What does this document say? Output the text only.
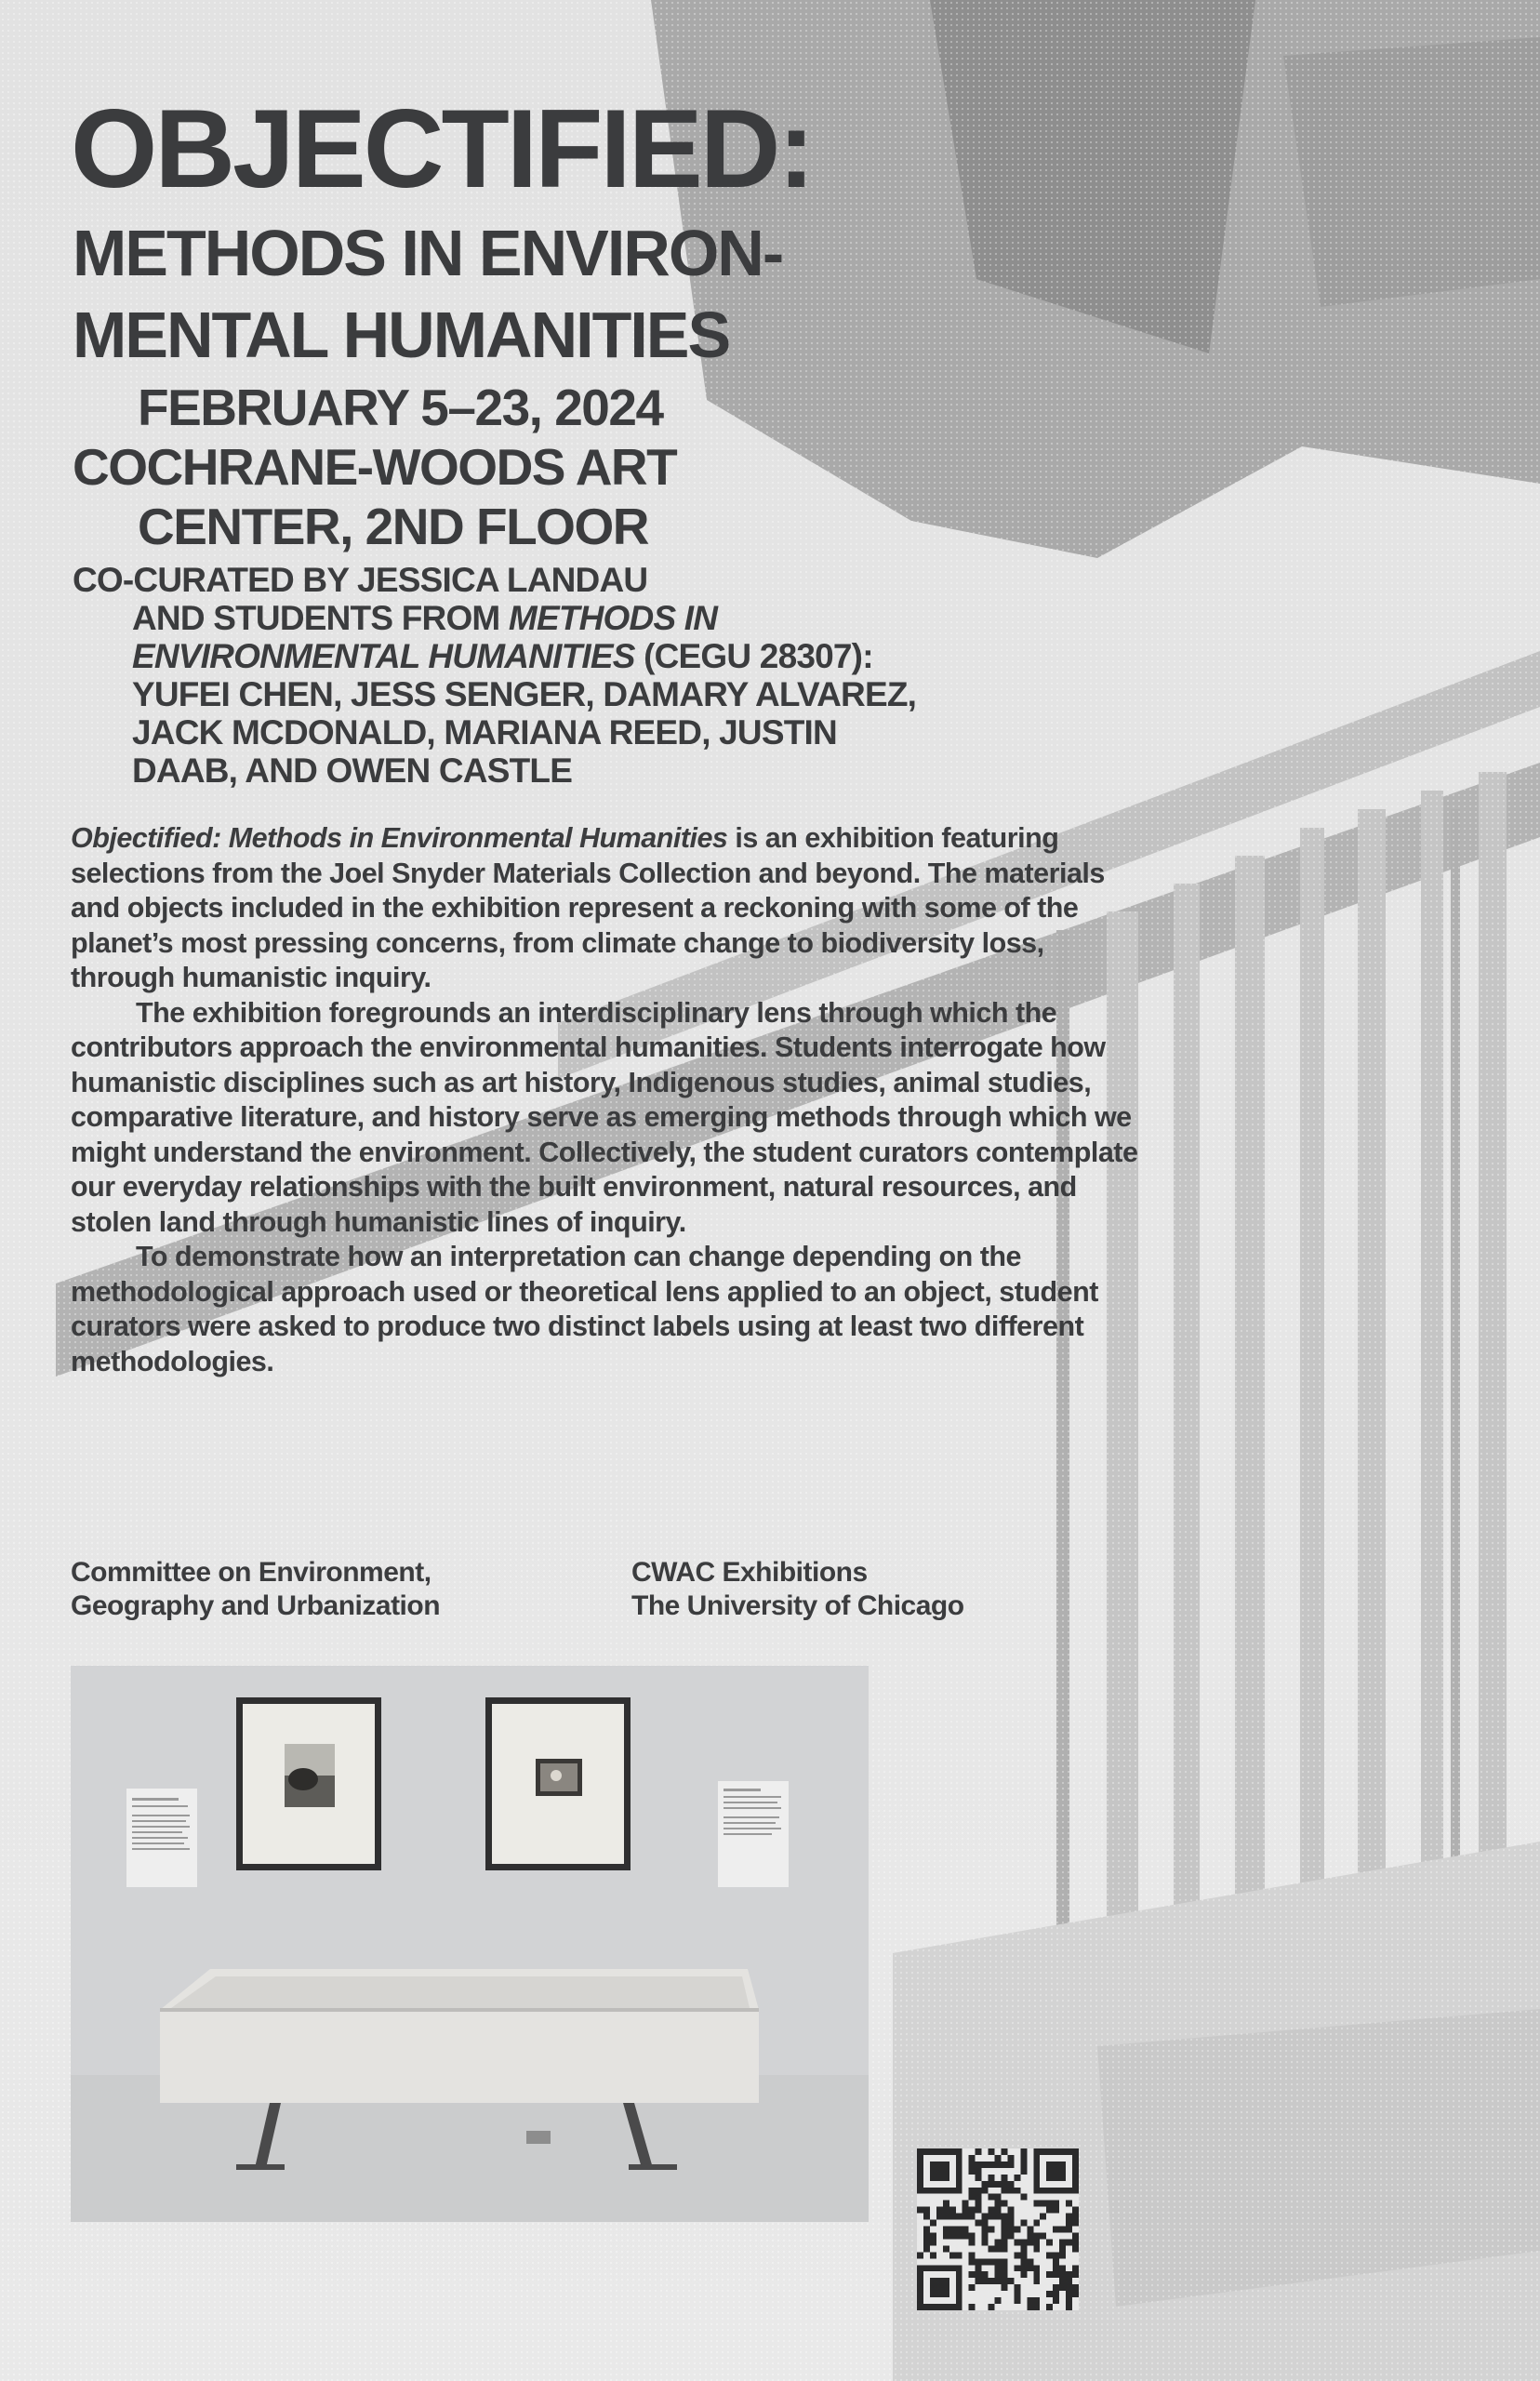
OBJECTIFIED:
METHODS IN ENVIRON-
MENTAL HUMANITIES
FEBRUARY 5–23, 2024
COCHRANE-WOODS ART
CENTER, 2ND FLOOR
CO-CURATED BY JESSICA LANDAU
AND STUDENTS FROM METHODS IN
ENVIRONMENTAL HUMANITIES (CEGU 28307):
YUFEI CHEN, JESS SENGER, DAMARY ALVAREZ,
JACK MCDONALD, MARIANA REED, JUSTIN
DAAB, AND OWEN CASTLE

Objectified: Methods in Environmental Humanities is an exhibition featuring selections from the Joel Snyder Materials Collection and beyond. The materials and objects included in the exhibition represent a reckoning with some of the planet’s most pressing concerns, from climate change to biodiversity loss, through humanistic inquiry.

The exhibition foregrounds an interdisciplinary lens through which the contributors approach the environmental humanities. Students interrogate how humanistic disciplines such as art history, Indigenous studies, animal studies, comparative literature, and history serve as emerging methods through which we might understand the environment. Collectively, the student curators contemplate our everyday relationships with the built environment, natural resources, and stolen land through humanistic lines of inquiry.

To demonstrate how an interpretation can change depending on the methodological approach used or theoretical lens applied to an object, student curators were asked to produce two distinct labels using at least two different methodologies.

Committee on Environment,
Geography and Urbanization
CWAC Exhibitions
The University of Chicago
